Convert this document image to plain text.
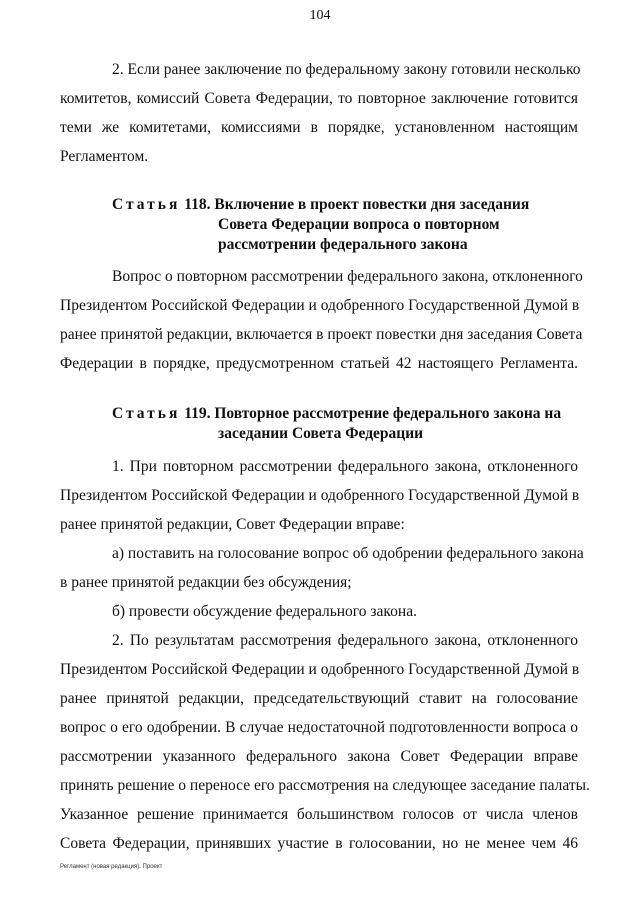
104
2. Если ранее заключение по федеральному закону готовили несколько
комитетов, комиссий Совета Федерации, то повторное заключение готовится
теми же комитетами, комиссиями в порядке, установленном настоящим
Регламентом.
Статья 118. Включение в проект повестки дня заседания
Совета Федерации вопроса о повторном
рассмотрении федерального закона
Вопрос о повторном рассмотрении федерального закона, отклоненного
Президентом Российской Федерации и одобренного Государственной Думой в
ранее принятой редакции, включается в проект повестки дня заседания Совета
Федерации в порядке, предусмотренном статьей 42 настоящего Регламента.
Статья 119. Повторное рассмотрение федерального закона на
заседании Совета Федерации
1. При повторном рассмотрении федерального закона, отклоненного
Президентом Российской Федерации и одобренного Государственной Думой в
ранее принятой редакции, Совет Федерации вправе:
а) поставить на голосование вопрос об одобрении федерального закона
в ранее принятой редакции без обсуждения;
б) провести обсуждение федерального закона.
2. По результатам рассмотрения федерального закона, отклоненного
Президентом Российской Федерации и одобренного Государственной Думой в
ранее принятой редакции, председательствующий ставит на голосование
вопрос о его одобрении. В случае недостаточной подготовленности вопроса о
рассмотрении указанного федерального закона Совет Федерации вправе
принять решение о переносе его рассмотрения на следующее заседание палаты.
Указанное решение принимается большинством голосов от числа членов
Совета Федерации, принявших участие в голосовании, но не менее чем 46
Регламент (новая редакция). Проект
